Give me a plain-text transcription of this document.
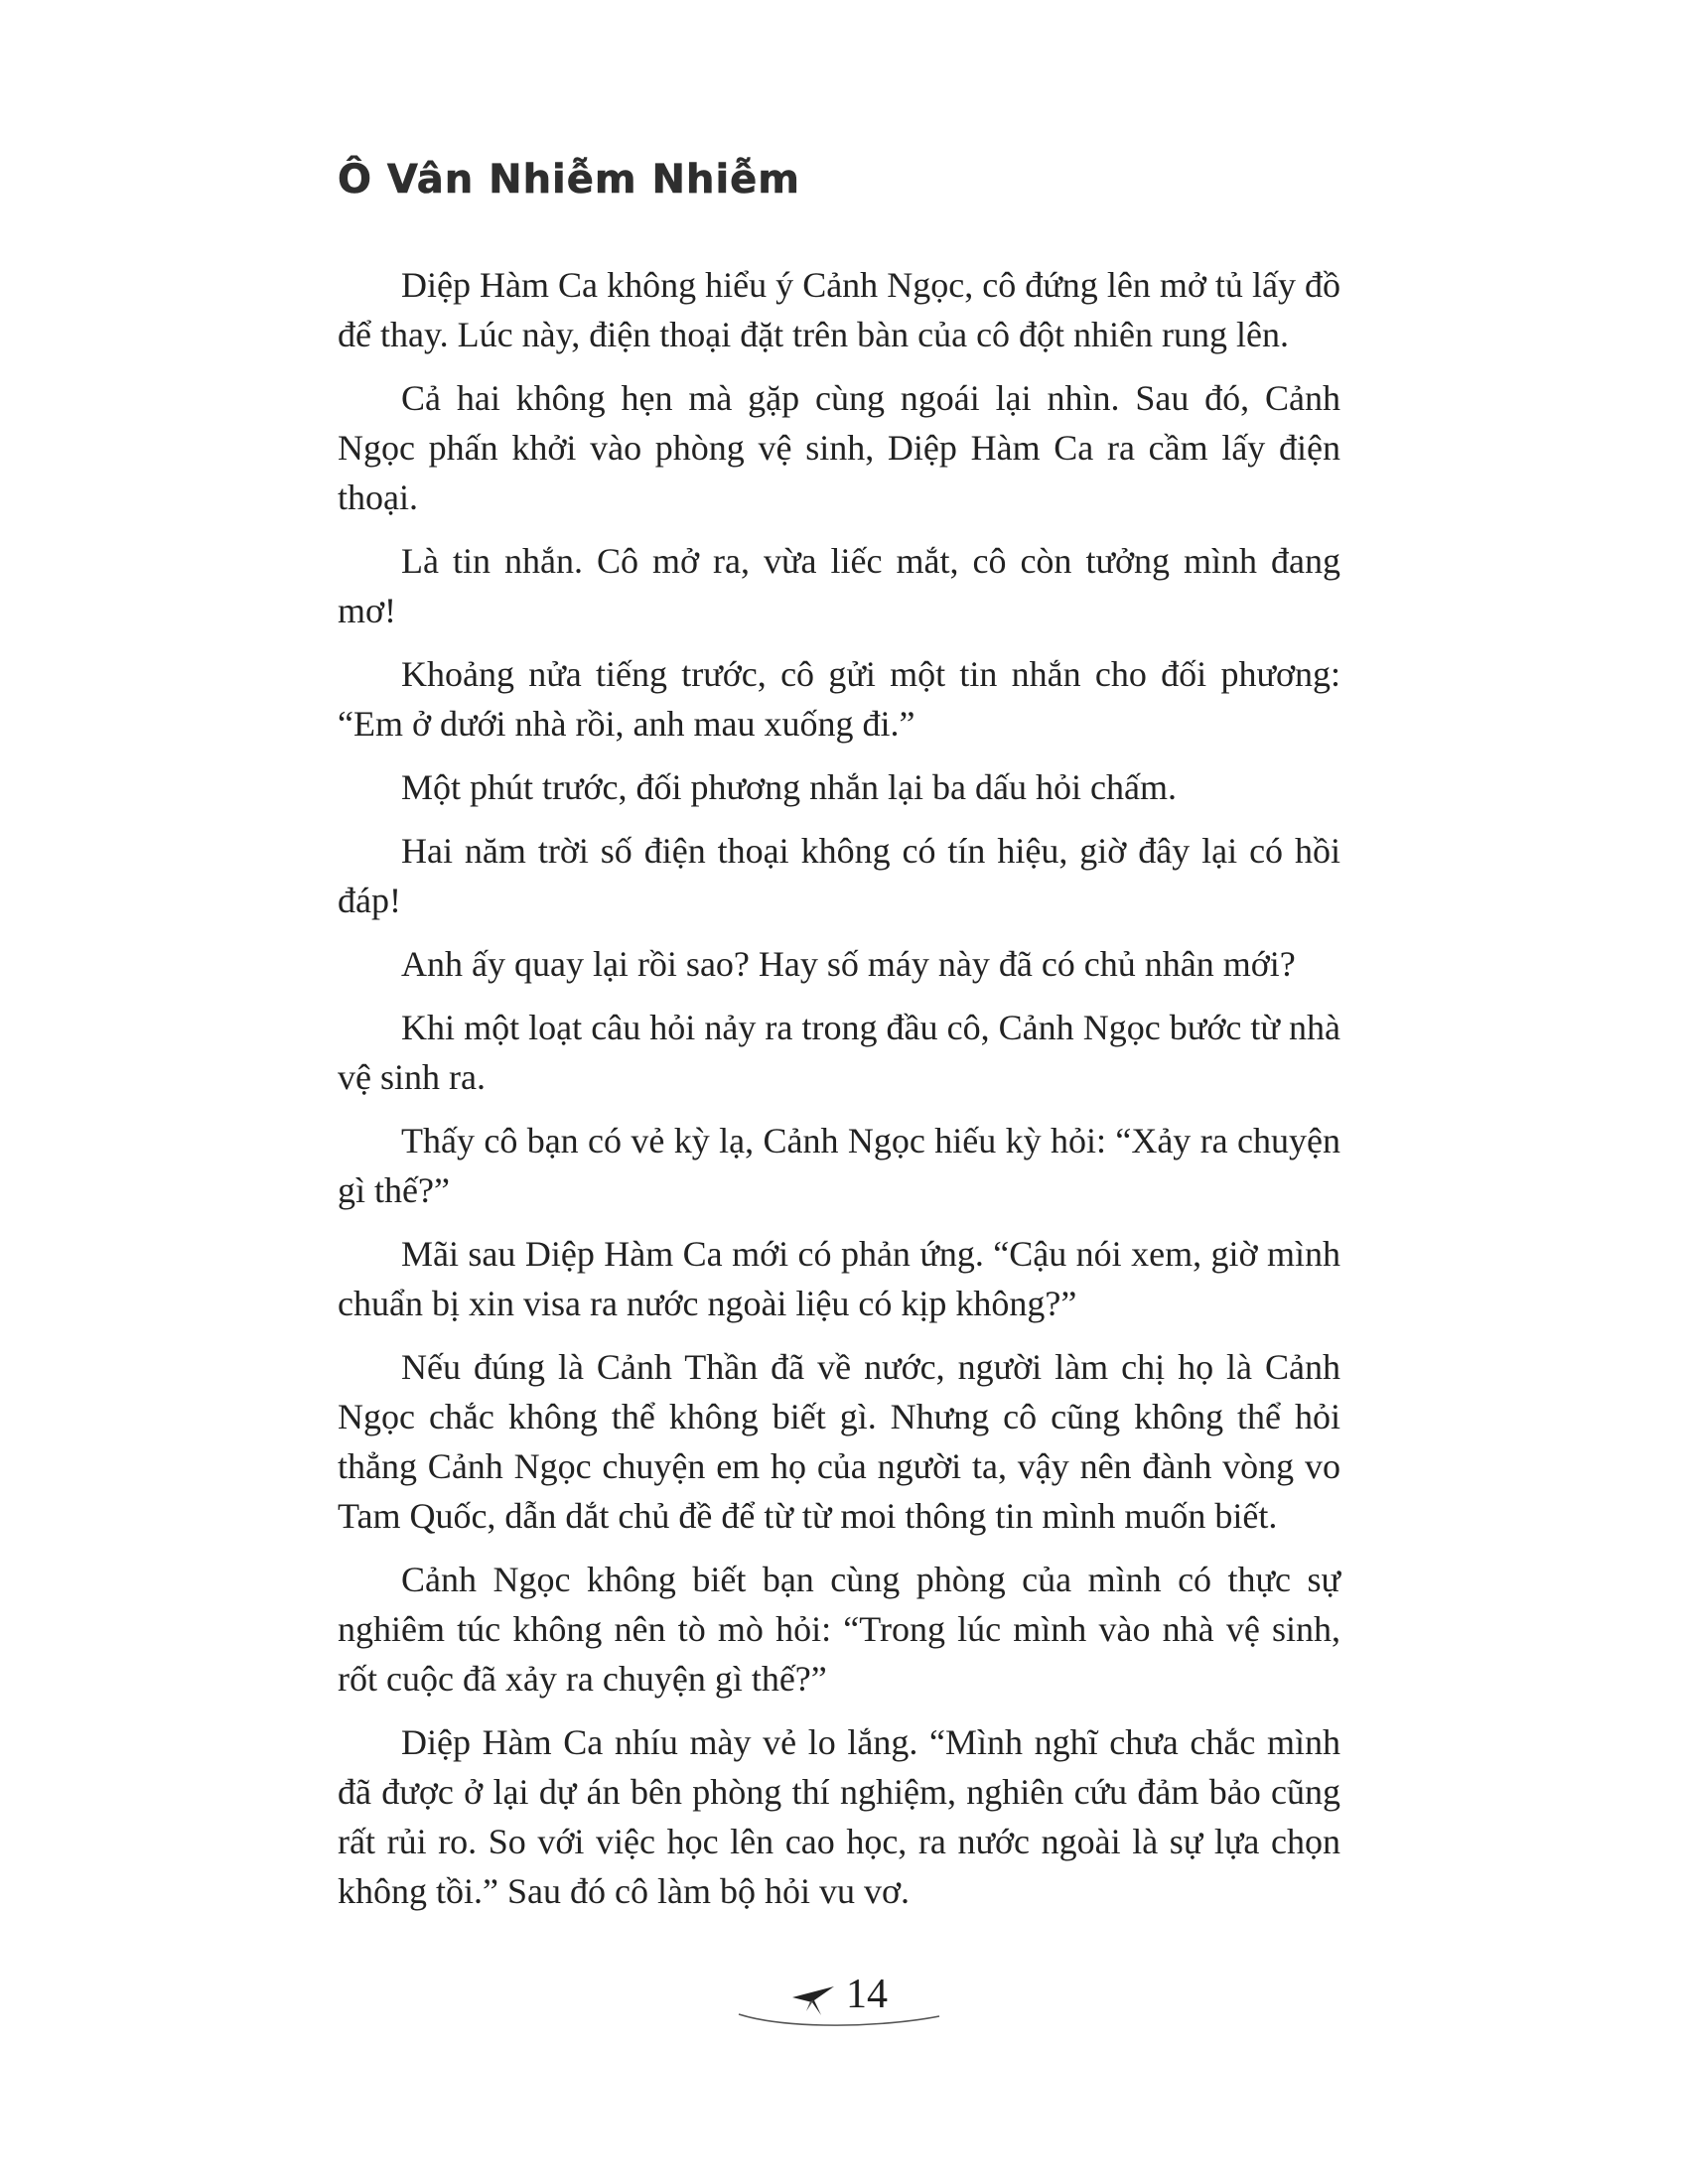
Ô Vân Nhiễm Nhiễm

Diệp Hàm Ca không hiểu ý Cảnh Ngọc, cô đứng lên mở tủ lấy đồ để thay. Lúc này, điện thoại đặt trên bàn của cô đột nhiên rung lên.

Cả hai không hẹn mà gặp cùng ngoái lại nhìn. Sau đó, Cảnh Ngọc phấn khởi vào phòng vệ sinh, Diệp Hàm Ca ra cầm lấy điện thoại.

Là tin nhắn. Cô mở ra, vừa liếc mắt, cô còn tưởng mình đang mơ!

Khoảng nửa tiếng trước, cô gửi một tin nhắn cho đối phương: “Em ở dưới nhà rồi, anh mau xuống đi.”

Một phút trước, đối phương nhắn lại ba dấu hỏi chấm.

Hai năm trời số điện thoại không có tín hiệu, giờ đây lại có hồi đáp!

Anh ấy quay lại rồi sao? Hay số máy này đã có chủ nhân mới?

Khi một loạt câu hỏi nảy ra trong đầu cô, Cảnh Ngọc bước từ nhà vệ sinh ra.

Thấy cô bạn có vẻ kỳ lạ, Cảnh Ngọc hiếu kỳ hỏi: “Xảy ra chuyện gì thế?”

Mãi sau Diệp Hàm Ca mới có phản ứng. “Cậu nói xem, giờ mình chuẩn bị xin visa ra nước ngoài liệu có kịp không?”

Nếu đúng là Cảnh Thần đã về nước, người làm chị họ là Cảnh Ngọc chắc không thể không biết gì. Nhưng cô cũng không thể hỏi thẳng Cảnh Ngọc chuyện em họ của người ta, vậy nên đành vòng vo Tam Quốc, dẫn dắt chủ đề để từ từ moi thông tin mình muốn biết.

Cảnh Ngọc không biết bạn cùng phòng của mình có thực sự nghiêm túc không nên tò mò hỏi: “Trong lúc mình vào nhà vệ sinh, rốt cuộc đã xảy ra chuyện gì thế?”

Diệp Hàm Ca nhíu mày vẻ lo lắng. “Mình nghĩ chưa chắc mình đã được ở lại dự án bên phòng thí nghiệm, nghiên cứu đảm bảo cũng rất rủi ro. So với việc học lên cao học, ra nước ngoài là sự lựa chọn không tồi.” Sau đó cô làm bộ hỏi vu vơ.

14
